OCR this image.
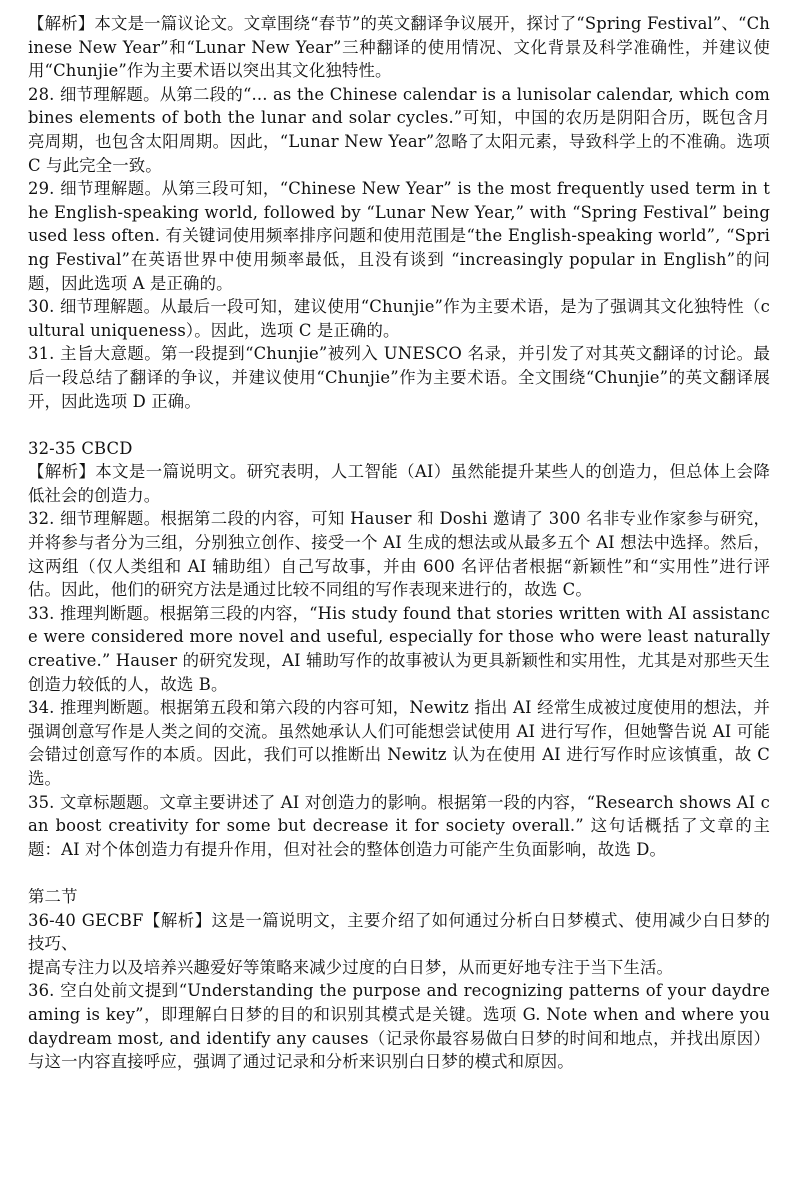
【解析】本文是一篇议论文。文章围绕“春节”的英文翻译争议展开，探讨了“Spring Festival”、“Chinese New Year”和“Lunar New Year”三种翻译的使用情况、文化背景及科学准确性，并建议使用“Chunjie”作为主要术语以突出其文化独特性。

28. 细节理解题。从第二段的“... as the Chinese calendar is a lunisolar calendar, which combines elements of both the lunar and solar cycles.”可知，中国的农历是阴阳合历，既包含月亮周期，也包含太阳周期。因此，“Lunar New Year”忽略了太阳元素，导致科学上的不准确。选项 C 与此完全一致。

29. 细节理解题。从第三段可知，“Chinese New Year” is the most frequently used term in the English-speaking world, followed by “Lunar New Year,” with “Spring Festival” being used less often. 有关键词使用频率排序问题和使用范围是“the English-speaking world”, “Spring Festival”在英语世界中使用频率最低，且没有谈到 “increasingly popular in English”的问题，因此选项 A 是正确的。

30. 细节理解题。从最后一段可知，建议使用“Chunjie”作为主要术语，是为了强调其文化独特性（cultural uniqueness）。因此，选项 C 是正确的。

31. 主旨大意题。第一段提到“Chunjie”被列入 UNESCO 名录，并引发了对其英文翻译的讨论。最后一段总结了翻译的争议，并建议使用“Chunjie”作为主要术语。全文围绕“Chunjie”的英文翻译展开，因此选项 D 正确。

32-35 CBCD

【解析】本文是一篇说明文。研究表明，人工智能（AI）虽然能提升某些人的创造力，但总体上会降低社会的创造力。

32. 细节理解题。根据第二段的内容，可知 Hauser 和 Doshi 邀请了 300 名非专业作家参与研究，并将参与者分为三组，分别独立创作、接受一个 AI 生成的想法或从最多五个 AI 想法中选择。然后，这两组（仅人类组和 AI 辅助组）自己写故事，并由 600 名评估者根据“新颖性”和“实用性”进行评估。因此，他们的研究方法是通过比较不同组的写作表现来进行的，故选 C。

33. 推理判断题。根据第三段的内容，“His study found that stories written with AI assistance were considered more novel and useful, especially for those who were least naturally creative.” Hauser 的研究发现，AI 辅助写作的故事被认为更具新颖性和实用性，尤其是对那些天生创造力较低的人，故选 B。

34. 推理判断题。根据第五段和第六段的内容可知，Newitz 指出 AI 经常生成被过度使用的想法，并强调创意写作是人类之间的交流。虽然她承认人们可能想尝试使用 AI 进行写作，但她警告说 AI 可能会错过创意写作的本质。因此，我们可以推断出 Newitz 认为在使用 AI 进行写作时应该慎重，故 C 选。

35. 文章标题题。文章主要讲述了 AI 对创造力的影响。根据第一段的内容，“Research shows AI can boost creativity for some but decrease it for society overall.” 这句话概括了文章的主题：AI 对个体创造力有提升作用，但对社会的整体创造力可能产生负面影响，故选 D。

第二节

36-40 GECBF【解析】这是一篇说明文，主要介绍了如何通过分析白日梦模式、使用减少白日梦的技巧、

提高专注力以及培养兴趣爱好等策略来减少过度的白日梦，从而更好地专注于当下生活。

36. 空白处前文提到“Understanding the purpose and recognizing patterns of your daydreaming is key”，即理解白日梦的目的和识别其模式是关键。选项 G. Note when and where you daydream most, and identify any causes（记录你最容易做白日梦的时间和地点，并找出原因）与这一内容直接呼应，强调了通过记录和分析来识别白日梦的模式和原因。
